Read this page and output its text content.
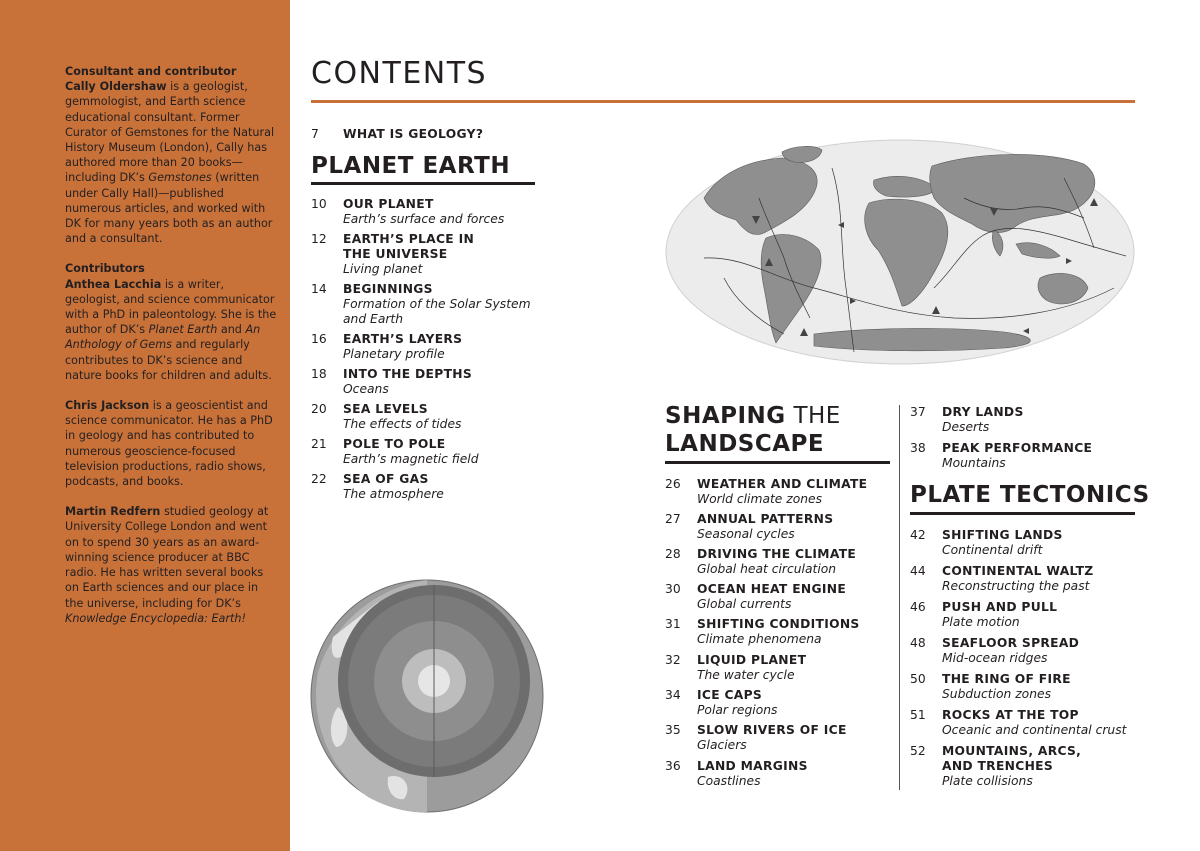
Consultant and contributor
Cally Oldershaw is a geologist, gemmologist, and Earth science educational consultant. Former Curator of Gemstones for the Natural History Museum (London), Cally has authored more than 20 books—including DK’s Gemstones (written under Cally Hall)—published numerous articles, and worked with DK for many years both as an author and a consultant.
Contributors
Anthea Lacchia is a writer, geologist, and science communicator with a PhD in paleontology. She is the author of DK’s Planet Earth and An Anthology of Gems and regularly contributes to DK’s science and nature books for children and adults.
Chris Jackson is a geoscientist and science communicator. He has a PhD in geology and has contributed to numerous geoscience-focused television productions, radio shows, podcasts, and books.
Martin Redfern studied geology at University College London and went on to spend 30 years as an award-winning science producer at BBC radio. He has written several books on Earth sciences and our place in the universe, including for DK’s Knowledge Encyclopedia: Earth!
CONTENTS
7 WHAT IS GEOLOGY?
PLANET EARTH
10 OUR PLANET
Earth’s surface and forces
12 EARTH’S PLACE IN
THE UNIVERSE
Living planet
14 BEGINNINGS
Formation of the Solar System
and Earth
16 EARTH’S LAYERS
Planetary profile
18 INTO THE DEPTHS
Oceans
20 SEA LEVELS
The effects of tides
21 POLE TO POLE
Earth’s magnetic field
22 SEA OF GAS
The atmosphere
SHAPING THE
LANDSCAPE
26 WEATHER AND CLIMATE
World climate zones
27 ANNUAL PATTERNS
Seasonal cycles
28 DRIVING THE CLIMATE
Global heat circulation
30 OCEAN HEAT ENGINE
Global currents
31 SHIFTING CONDITIONS
Climate phenomena
32 LIQUID PLANET
The water cycle
34 ICE CAPS
Polar regions
35 SLOW RIVERS OF ICE
Glaciers
36 LAND MARGINS
Coastlines
37 DRY LANDS
Deserts
38 PEAK PERFORMANCE
Mountains
PLATE TECTONICS
42 SHIFTING LANDS
Continental drift
44 CONTINENTAL WALTZ
Reconstructing the past
46 PUSH AND PULL
Plate motion
48 SEAFLOOR SPREAD
Mid-ocean ridges
50 THE RING OF FIRE
Subduction zones
51 ROCKS AT THE TOP
Oceanic and continental crust
52 MOUNTAINS, ARCS,
AND TRENCHES
Plate collisions
